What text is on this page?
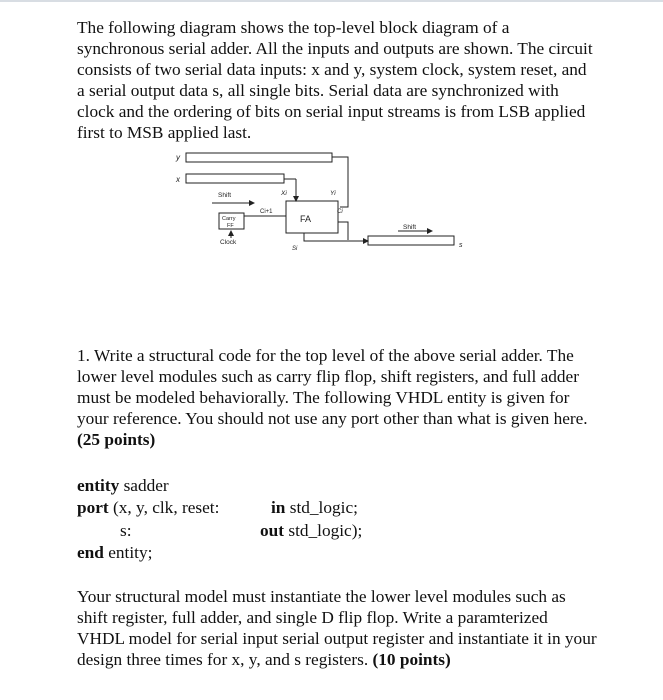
The following diagram shows the top-level block diagram of a synchronous serial adder. All the inputs and outputs are shown. The circuit consists of two serial data inputs: x and y, system clock, system reset, and a serial output data s, all single bits. Serial data are synchronized with clock and the ordering of bits on serial input streams is from LSB applied first to MSB applied last.

y
x
Shift	Xi	Yi
Carry
FF
Ci+1	Ci
FA
Clock
Si
Shift
s

1. Write a structural code for the top level of the above serial adder. The lower level modules such as carry flip flop, shift registers, and full adder must be modeled behaviorally. The following VHDL entity is given for your reference. You should not use any port other than what is given here. (25 points)

entity sadder
port (x, y, clk, reset:	in std_logic;
s:	out std_logic);
end entity;

Your structural model must instantiate the lower level modules such as shift register, full adder, and single D flip flop. Write a paramterized VHDL model for serial input serial output register and instantiate it in your design three times for x, y, and s registers. (10 points)
